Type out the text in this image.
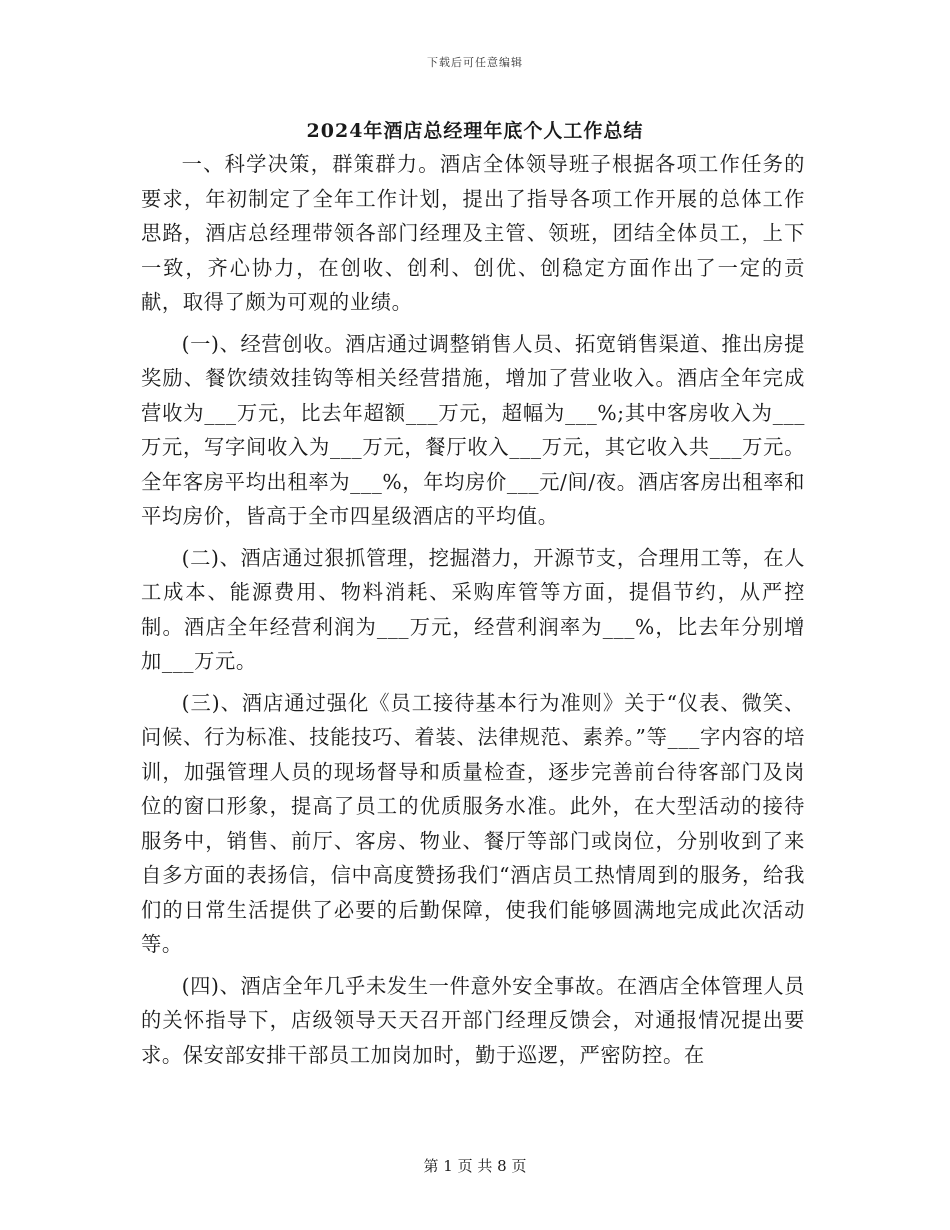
下载后可任意编辑
2024年酒店总经理年底个人工作总结

一、科学决策，群策群力。酒店全体领导班子根据各项工作任务的要求，年初制定了全年工作计划，提出了指导各项工作开展的总体工作思路，酒店总经理带领各部门经理及主管、领班，团结全体员工，上下一致，齐心协力，在创收、创利、创优、创稳定方面作出了一定的贡献，取得了颇为可观的业绩。

(一)、经营创收。酒店通过调整销售人员、拓宽销售渠道、推出房提奖励、餐饮绩效挂钩等相关经营措施，增加了营业收入。酒店全年完成营收为___万元，比去年超额___万元，超幅为___%;其中客房收入为___万元，写字间收入为___万元，餐厅收入___万元，其它收入共___万元。全年客房平均出租率为___%，年均房价___元/间/夜。酒店客房出租率和平均房价，皆高于全市四星级酒店的平均值。

(二)、酒店通过狠抓管理，挖掘潜力，开源节支，合理用工等，在人工成本、能源费用、物料消耗、采购库管等方面，提倡节约，从严控制。酒店全年经营利润为___万元，经营利润率为___%，比去年分别增加___万元。

(三)、酒店通过强化《员工接待基本行为准则》关于“仪表、微笑、问候、行为标准、技能技巧、着装、法律规范、素养。”等___字内容的培训，加强管理人员的现场督导和质量检查，逐步完善前台待客部门及岗位的窗口形象，提高了员工的优质服务水准。此外，在大型活动的接待服务中，销售、前厅、客房、物业、餐厅等部门或岗位，分别收到了来自多方面的表扬信，信中高度赞扬我们“酒店员工热情周到的服务，给我们的日常生活提供了必要的后勤保障，使我们能够圆满地完成此次活动等。

(四)、酒店全年几乎未发生一件意外安全事故。在酒店全体管理人员的关怀指导下，店级领导天天召开部门经理反馈会，对通报情况提出要求。保安部安排干部员工加岗加时，勤于巡逻，严密防控。在

第 1 页 共 8 页
